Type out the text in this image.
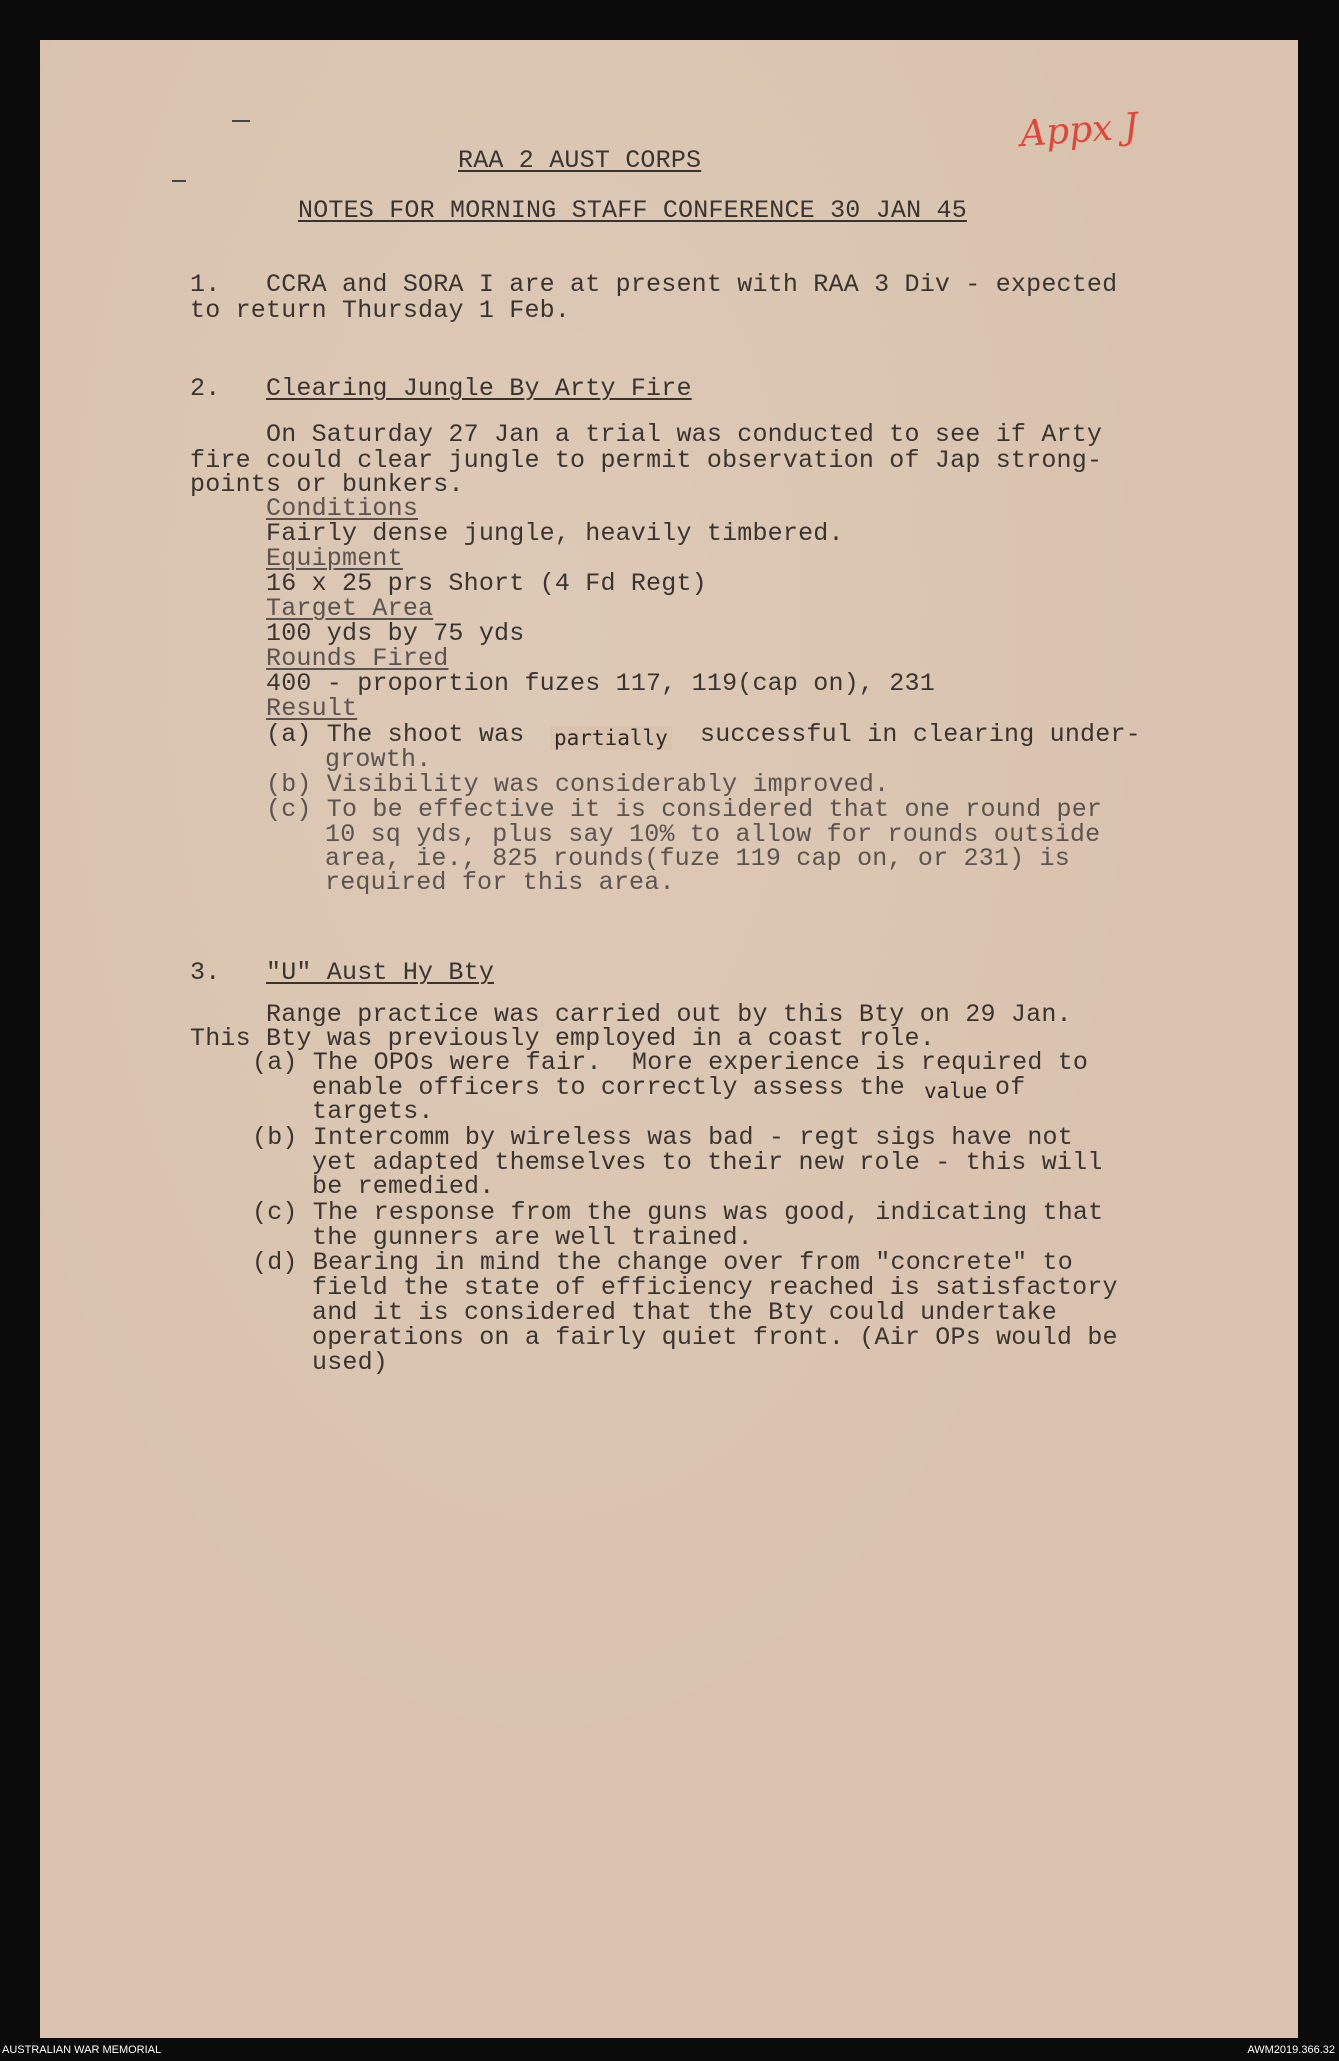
Appx J
RAA 2 AUST CORPS
NOTES FOR MORNING STAFF CONFERENCE 30 JAN 45
1. CCRA and SORA I are at present with RAA 3 Div - expected
to return Thursday 1 Feb.
2. Clearing Jungle By Arty Fire
On Saturday 27 Jan a trial was conducted to see if Arty
fire could clear jungle to permit observation of Jap strong-
points or bunkers.
Conditions
Fairly dense jungle, heavily timbered.
Equipment
16 x 25 prs Short (4 Fd Regt)
Target Area
100 yds by 75 yds
Rounds Fired
400 - proportion fuzes 117, 119(cap on), 231
Result
(a) The shoot was partially successful in clearing under-
growth.
(b) Visibility was considerably improved.
(c) To be effective it is considered that one round per
10 sq yds, plus say 10% to allow for rounds outside
area, ie., 825 rounds(fuze 119 cap on, or 231) is
required for this area.
3. "U" Aust Hy Bty
Range practice was carried out by this Bty on 29 Jan.
This Bty was previously employed in a coast role.
(a) The OPOs were fair.  More experience is required to
enable officers to correctly assess the value of
targets.
(b) Intercomm by wireless was bad - regt sigs have not
yet adapted themselves to their new role - this will
be remedied.
(c) The response from the guns was good, indicating that
the gunners are well trained.
(d) Bearing in mind the change over from "concrete" to
field the state of efficiency reached is satisfactory
and it is considered that the Bty could undertake
operations on a fairly quiet front. (Air OPs would be
used)
AUSTRALIAN WAR MEMORIAL	AWM2019.366.32
